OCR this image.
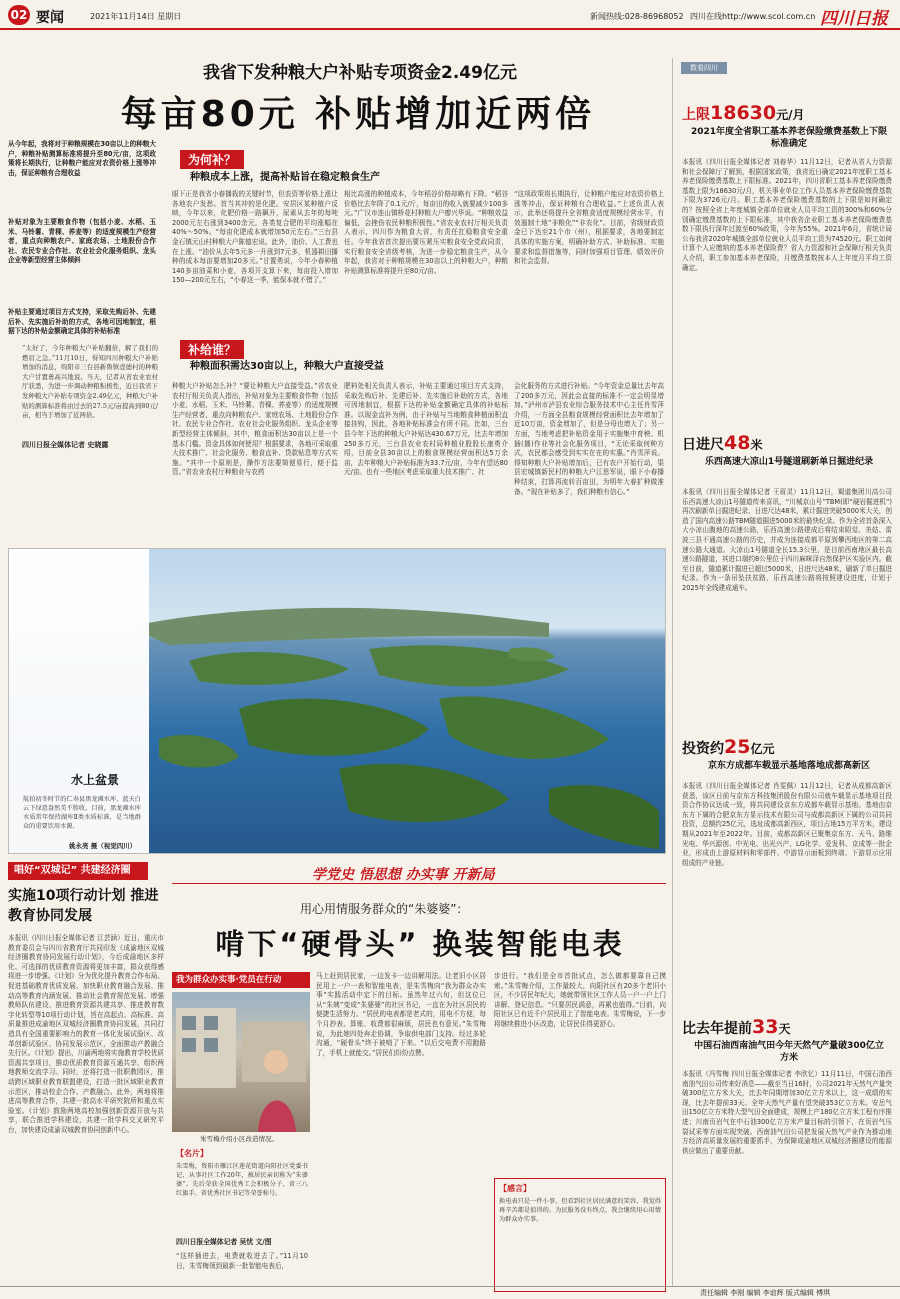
02 要闻	2021年11月14日 星期日	新闻热线:028-86968052 四川在线http://www.scol.com.cn 四川日报
我省下发种粮大户补贴专项资金2.49亿元
每亩80元 补贴增加近两倍
从今年起，我将对于种粮规模在30亩以上的种粮大户，种粮补贴测算标准将提升至80元/亩，这项政策将长期执行，让种粮户能应对农资价格上涨等冲击，保证种粮有合理收益
补贴对象为主要粮食作物（包括小麦、水稻、玉米、马铃薯、青稞、荞麦等）的适度规模生产经营者，重点向种粮农户、家庭农场、土地股份合作社、农民专业合作社、农业社会化服务组织、龙头企业等新型经营主体倾斜
补贴主要通过项目方式支持，采取先购后补、先建后补、先实施后补助的方式，各地可因地制宜，根据下达的补贴金额确定具体的补贴标准
“太好了，今年种粮大户补贴翻倍，解了我们的燃眉之急。”11月10日，得知四川种粮大户补贴增加的消息，绵阳市三台县新鲁镇壹德村的种粮大户甘置勇高兴地说。当天，记者从省农业农村厅获悉，为进一步调动种粮积极性，近日我省下发种粮大户补贴专项资金2.49亿元，种粮大户补贴的测算标准将由过去的27.5元/亩提高到80元/亩，相当于增加了近两倍。
四川日报全媒体记者 史晓露
为何补？
种粮成本上涨，提高补贴旨在稳定粮食生产
眼下正是我省小春播栽的关键时节，但农资等价格上涨让各地农户发愁。首当其冲的是化肥。安居区某种植户反映，今年以来，化肥价格一路飙升，尿素从去年的每吨2000元左右涨到3400余元，各类复合肥的平均涨幅在40%～50%。“每亩化肥成本就增加50元左右。”三台县金石镇元山村种粮大户陈德宏说。此外，油价、人工费也在上涨。“油价从去年5元多一升涨到7元多，机器耕田播种的成本每亩要增加20多元。”甘置勇说，今年小春种植140多亩油菜和小麦，各项开支算下来，每亩投入增加150—200元左右，“小春这一季，能保本就不错了。”
相比高涨的种植成本，今年稻谷价格却略有下降。“稻谷价格比去年降了0.1元/斤，每亩田的收入就要减少100多元。”广汉市连山镇桥花村种粮大户廖兴华说。“种粮效益偏低，会挫伤农民种粮积极性。”省农业农村厅相关负责人表示，四川作为粮食大省，有责任扛稳粮食安全重任。今年我省首次提出要压紧压实粮食安全党政同责，实行粮食安全省级考核，为进一步稳定粮食生产，从今年起，我省对于种粮规模在30亩以上的种粮大户，种粮补贴测算标准将提升至80元/亩。
“这项政策将长期执行，让种粮户能应对农资价格上涨等冲击，保证种粮有合理收益。”上述负责人表示，此举还将提升全省粮食适度规模经营水平，有效遏制土地“非粮化”“非农化”。目前，省级财政资金已下达至21个市（州），根据要求，各地要制定具体的实施方案，明确补助方式、补助标准、实施要求和监督措施等，同时加强项目管理、绩效评价和社会监督。
补给谁？
种粮面积需达30亩以上，种粮大户直接受益
种粮大户补贴怎么补？“要让种粮大户直接受益。”省农业农村厅相关负责人指出，补贴对象为主要粮食作物（包括小麦、水稻、玉米、马铃薯、青稞、荞麦等）的适度规模生产经营者，重点向种粮农户、家庭农场、土地股份合作社、农民专业合作社、农业社会化服务组织、龙头企业等新型经营主体倾斜，其中，粮食面积达30亩以上是一个基本门槛。资金具体如何使用？根据要求，各地可采取重大技术推广、社会化服务、粮食直补、贷款贴息等方式实施。“其中一个原则是，操作方法要简便易行，便于监管。”省农业农村厅种粮业与农药
肥料处相关负责人表示，补贴主要通过项目方式支持，采取先购后补、先建后补、先实施后补助的方式，各地可因地制宜，根据下达的补贴金额确定具体的补贴标准。以现金直补为例，由于补贴与当地粮食种植面积直接挂钩，因此，各地补贴标准会有所不同。比如，三台县今年下达的种粮大户补贴达430.67万元，比去年增加250多万元，三台县农业农村局种植业股股长康勇介绍，目前全县30亩以上的粮食规模经营面积达5万余亩，去年种粮大户补贴标准为33.7元/亩，今年有望达80元/亩。也有一些地区考虑采取重大技术推广、社
会化服务的方式进行补贴。“今年资金总量比去年高了200多万元，因此会直接的标准不一定会明显增加。”泸州市泸县农业综合服务技术中心主任肖雪萍介绍，一方面全县粮食规模经营面积比去年增加了近10万亩，资金增加了，但是分母也增大了；另一方面，当地考虑把补贴资金用于实施集中育秧、机插(播)作业等社会化服务项目，“无论采取何种方式，农民都会感受到实实在在的实惠。”肖雪萍说。得知种粮大户补贴增加后，已有农户开始行动，渠县宏城镇新民村的种粮大户江思军说，眼下小春播种结束，打算再流转百亩田，为明年大春扩种做准备。“现在补贴多了，我们种粮有信心。”
水上盆景
航拍初冬时节的仁寿县黑龙滩水库，蓝天白云下绿意盎然美不胜收，目前，黑龙滩水库水质常年保持湖库Ⅱ类水质标准，是当地群众的重要饮用水源。
姚永亮 摄（视觉四川）
唱好“双城记” 共建经济圈
实施10项行动计划 推进教育协同发展
本报讯（四川日报全媒体记者 江芸涵）近日，重庆市教育委员会与四川省教育厅共同印发《成渝地区双城经济圈教育协同发展行动计划》，今后成渝地区多样化、可选择的优质教育资源将更加丰富，群众获得感将进一步增强。《计划》分为优化提升教育合作布局、促进基础教育优质发展、加快职业教育融合发展、推动高等教育内涵发展、推动社会教育规范发展、增强教师队伍建设、推进教育资源共建共享、推进教育数字化转型等10项行动计划，旨在高起点、高标准、高质量推进成渝地区双城经济圈教育协同发展，共同打造具有全国重要影响力的教育一体化发展试验区、改革创新试验区、协同发展示范区，全面推动产教融合先行区。《计划》提出，川渝两地将实施教育学校优质资源共享项目，推动优质教育资源互通共享，组织两地教师交流学习。同时，还将打造一批职教园区，推动跨区域职业教育联盟建设，打造一批区域职业教育示范区，推动校企合作、产教融合。此外，两地将推进高等教育合作，共建一批高水平研究院所和重点实验室。《计划》鼓励两地高校加强创新资源开放与共享，联合推进学科建设，共建一批学科交叉研究平台，加快建设成渝双城教育协同创新中心。
学党史 悟思想 办实事 开新局
用心用情服务群众的“朱婆婆”：
啃下“硬骨头” 换装智能电表
我为群众办实事·党员在行动
朱雪梅介绍小区改造情况。
【名片】
朱雪梅，资阳市雁江区莲花街道向阳社区党委书记，从事社区工作20年，被居民亲切称为“朱婆婆”。先后荣获全国优秀工会积极分子、省三八红旗手、省优秀社区书记等荣誉称号。
四川日报全媒体记者 吴忧 文/图
“这样插进去，电费就收进去了。”11月10日，朱雪梅领到最新一批智能电表后，
马上赶到居民家，一边发卡一边讲解用法。让老旧小区居民用上一户一表和智能电表，是朱雪梅向“我为群众办实事”实践活动中定下的目标。虽然年过六旬，但这位已从“朱姨”变成“朱婆婆”的社区书记，一直在为社区居民的便捷生活努力。“居民的电表都是老式的，用电不方便，每个月抄表、算账、收费都很麻烦，居民也有意见。”朱雪梅说，为此她四处奔走协调，争取供电部门支持。经过多轮沟通，“硬骨头”终于被啃了下来。“以后交电费不用跑路了，手机上就能交。”居民们纷纷点赞。
步进行。“我们是全市首批试点，怎么做都要靠自己摸索。”朱雪梅介绍，工作量较大，向阳社区有20多个老旧小区，不少居民年纪大，她就带领社区工作人员一户一户上门讲解、登记信息。“只要居民满意，再累也值得。”目前，向阳社区已有近千户居民用上了智能电表。朱雪梅说，下一步将继续推进小区改造，让居民住得更舒心。
【感言】
换电表只是一件小事，但看到社区居民满意的笑容，我觉得再辛苦都是值得的。为民服务没有终点，我会继续用心用情为群众办实事。
数看四川
上限18630元/月
2021年度全省职工基本养老保险缴费基数上下限标准确定
本报讯（四川日报全媒体记者 刘春华）11月12日，记者从省人力资源和社会保障厅了解到，根据国家政策，我省近日确定2021年度职工基本养老保险缴费基数上下限标准。2021年，四川省职工基本养老保险缴费基数上限为18630元/月，机关事业单位工作人员基本养老保险缴费基数下限为3726元/月。职工基本养老保险缴费基数的上下限是如何确定的？按照全省上年度城镇全部单位就业人员平均工资的300%和60%分别确定缴费基数的上下限标准，其中我省企业职工基本养老保险缴费基数下限执行深年过渡至60%政策，今年为55%。2021年6月，省统计局公布我省2020年城镇全部单位就业人员平均工资为74520元。职工如何计算个人应缴纳的基本养老保险费？省人力资源和社会保障厅相关负责人介绍，职工参加基本养老保险，月缴费基数按本人上年度月平均工资确定。
日进尺48米
乐西高速大凉山1号隧道刷新单日掘进纪录
本报讯（四川日报全媒体记者 王眉灵）11月12日，蜀道集团川高公司乐西高速大凉山1号隧道传来喜讯，“川城京山号”TBM(即“硬岩掘进机”)再次刷新单日掘进纪录，日进尺达48米，累计掘进突破5000米大关，创造了国内高速公路TBM隧道掘进5000米的最快纪录。作为全省首条深入大小凉山腹地的高速公路，乐西高速公路建成后将结束昭觉、美姑、雷波三县不通高速公路的历史，并成为连接成都平原到攀西地区的第二高速公路大通道。大凉山1号隧道全长15.3公里，是目前西南地区最长高速公路隧道，其进口端约8公里位于四川麻咪泽自然保护区实验区内。截至目前，隧道累计掘进已超过5000米，日进尺达48米，刷新了单日掘进纪录。作为一条吊坠扶贫路，乐西高速公路将按照建设进度，计划于2025年全线建成通车。
投资约25亿元
京东方成都车载显示基地落地成都高新区
本报讯（四川日报全媒体记者 肖雯佩）11月12日，记者从成都高新区获悉，该区日前与京东方科技集团股份有限公司就车载显示基地项目投资合作协议达成一致，将共同建设京东方成都车载显示基地。基地由京东方下属的合肥京东方显示技术有限公司与成都高新区下属的公司共同投资，总额约25亿元，选址成都高新西区，项目占地15万平方米，建设期从2021年至2022年。目前，成都高新区已聚集京东方、天马、路维光电、华兴源创、中光电、出光兴产、LG化学、爱发科、京成等一批企业，形成由上游原材料和零部件、中游显示面板到终端、下游显示应用组成的产业链。
比去年提前33天
中国石油西南油气田今年天然气产量破300亿立方米
本报讯（冯雪梅 四川日报全媒体记者 李欣忆）11月11日，中国石油西南油气田公司传来好消息——截至当日16时，公司2021年天然气产量突破300亿立方米大关，比去年同期增加30亿立方米以上，这一成绩的实现，比去年提前33天。全年天然气产量有望突破353亿立方米。安岳气田150亿立方米特大型气田全面建成，规模上产180亿立方米工程有序推进；川南页岩气在中石油300亿立方米产量目标的引领下，在页岩气压裂试采等方面实现突破。西南油气田公司把发展天然气产业作为推动地方经济高质量发展的重要抓手，为保障成渝地区双城经济圈建设的能源供应做出了重要贡献。
责任编辑 李刚 编辑 李谊辉 版式编辑 傅琪
